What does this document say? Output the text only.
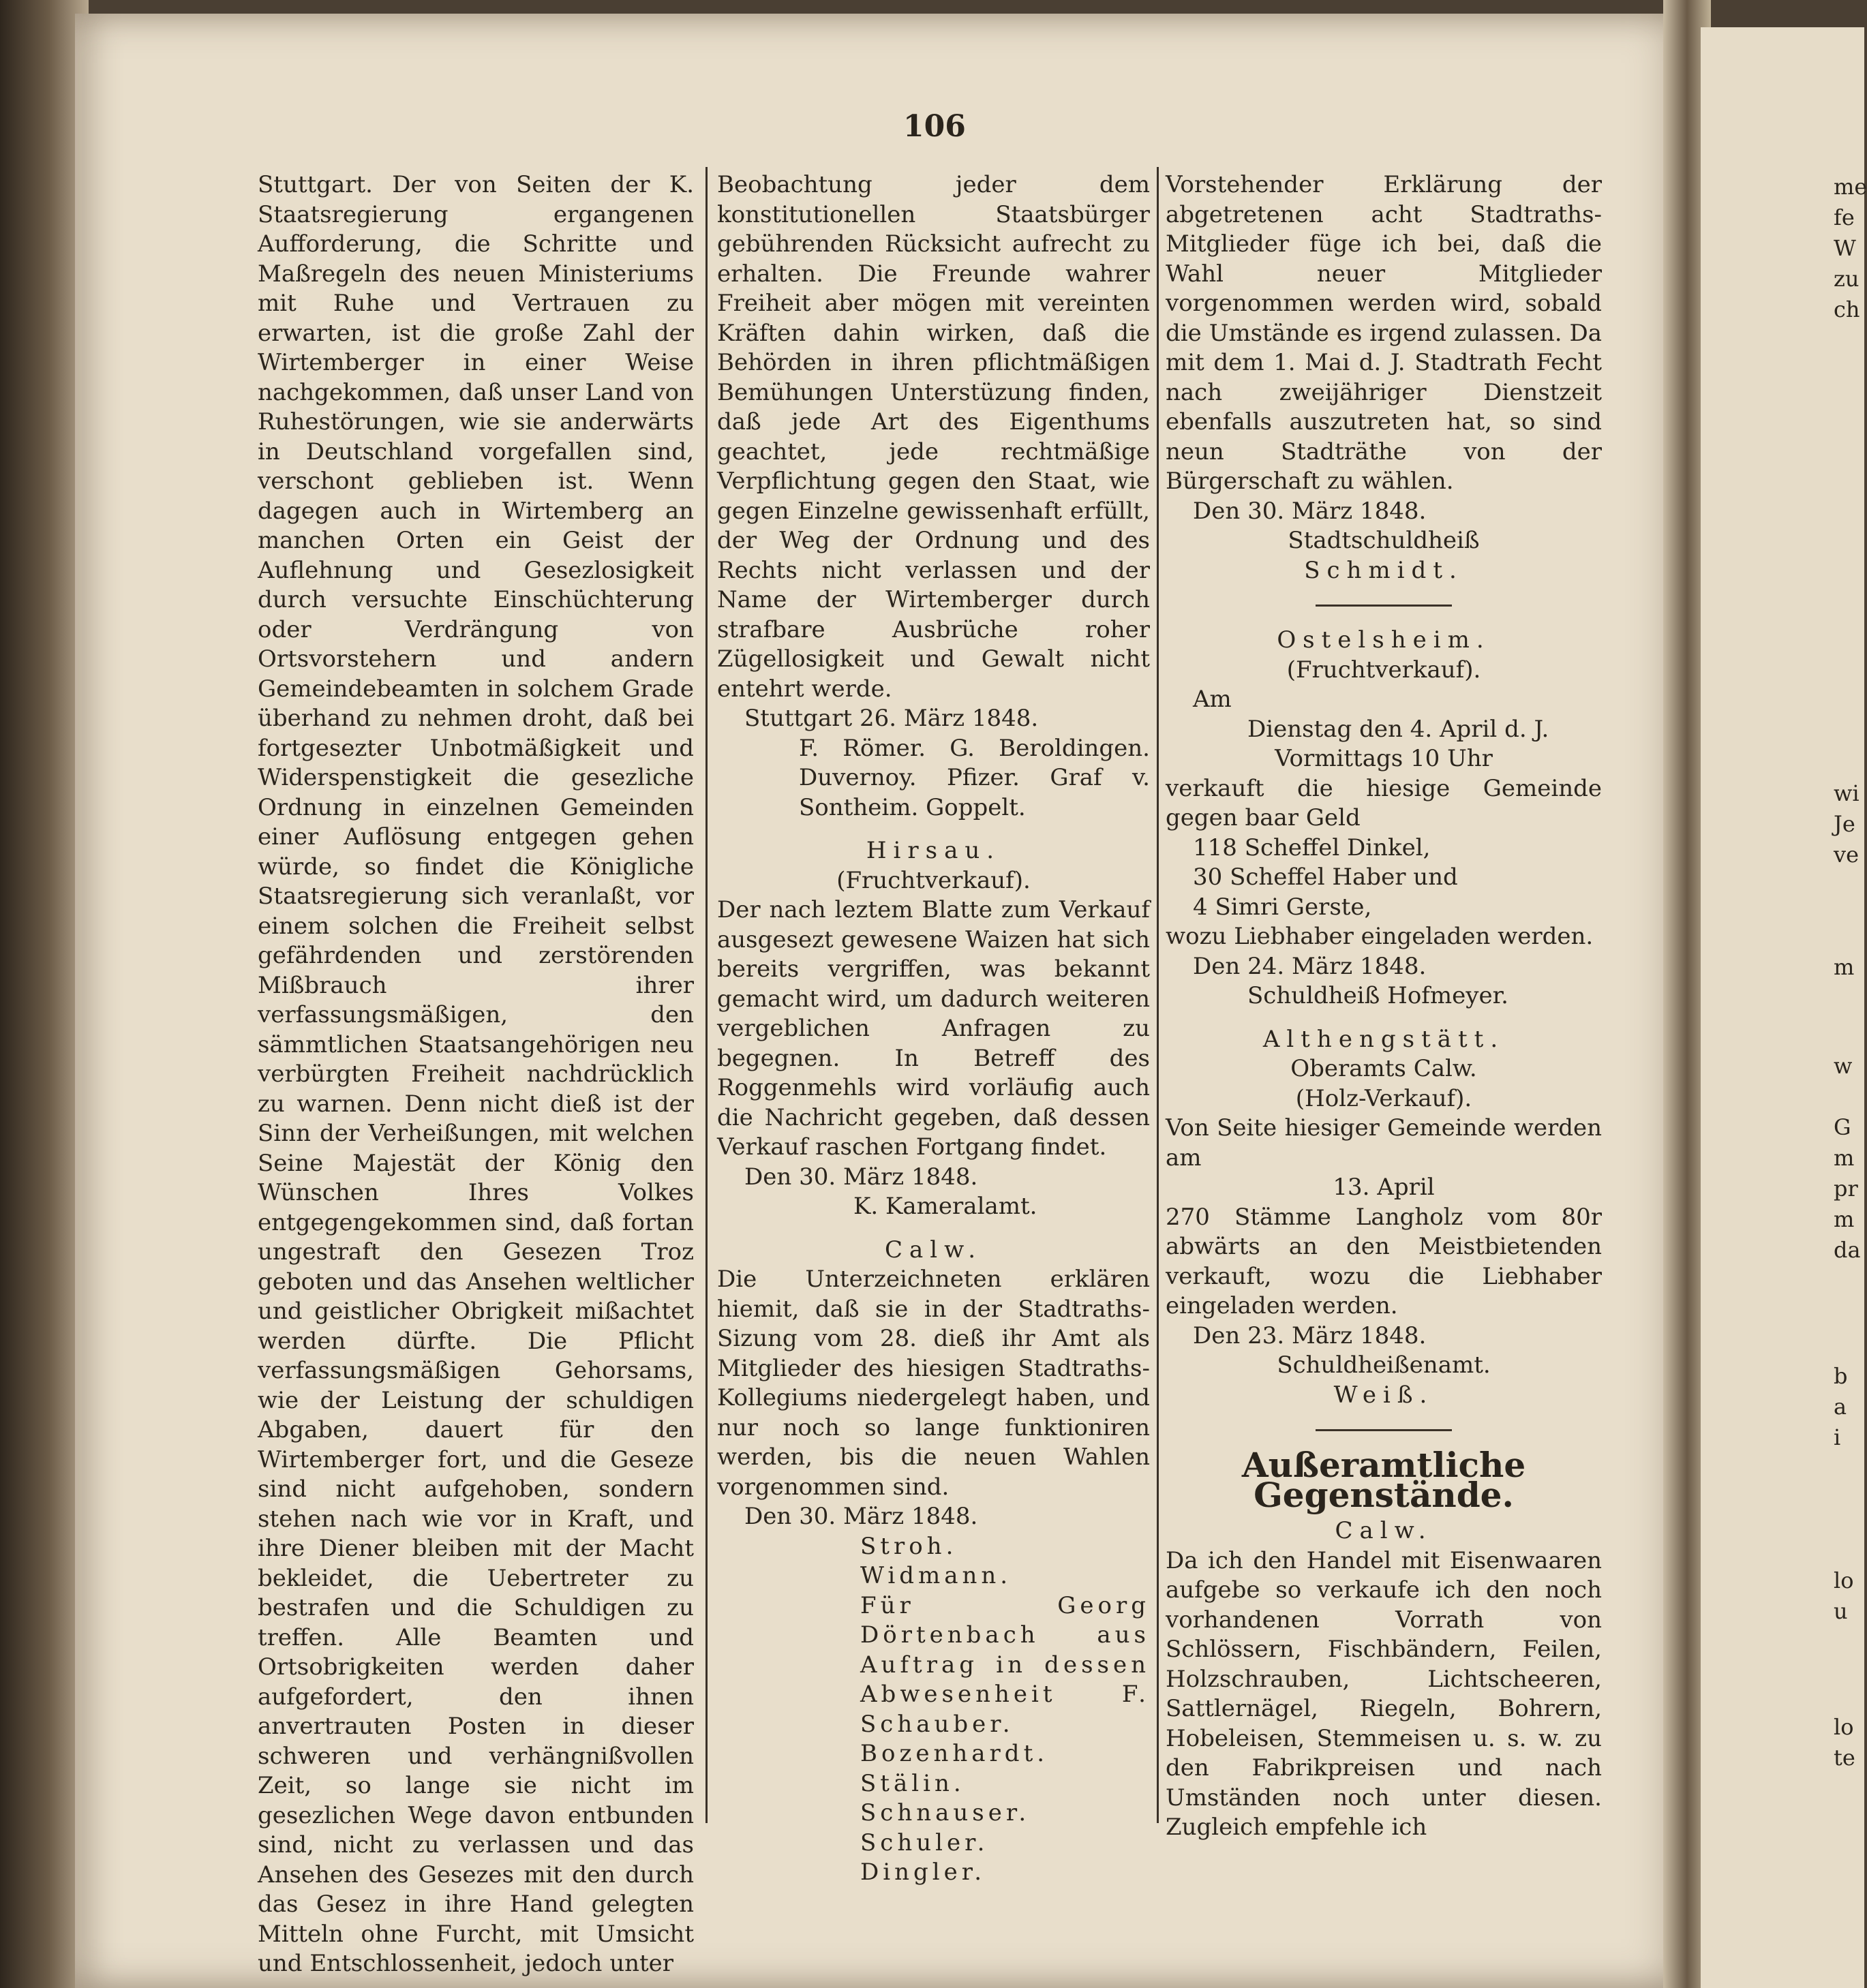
106

Stuttgart. Der von Seiten der K. Staatsregierung ergangenen Aufforderung, die Schritte und Maßregeln des neuen Ministeriums mit Ruhe und Vertrauen zu erwarten, ist die große Zahl der Wirtemberger in einer Weise nachgekommen, daß unser Land von Ruhestörungen, wie sie anderwärts in Deutschland vorgefallen sind, verschont geblieben ist. Wenn dagegen auch in Wirtemberg an manchen Orten ein Geist der Auflehnung und Gesezlosigkeit durch versuchte Einschüchterung oder Verdrängung von Ortsvorstehern und andern Gemeindebeamten in solchem Grade überhand zu nehmen droht, daß bei fortgesezter Unbotmäßigkeit und Widerspenstigkeit die gesezliche Ordnung in einzelnen Gemeinden einer Auflösung entgegen gehen würde, so findet die Königliche Staatsregierung sich veranlaßt, vor einem solchen die Freiheit selbst gefährdenden und zerstörenden Mißbrauch ihrer verfassungsmäßigen, den sämmtlichen Staatsangehörigen neu verbürgten Freiheit nachdrücklich zu warnen. Denn nicht dieß ist der Sinn der Verheißungen, mit welchen Seine Majestät der König den Wünschen Ihres Volkes entgegengekommen sind, daß fortan ungestraft den Gesezen Troz geboten und das Ansehen weltlicher und geistlicher Obrigkeit mißachtet werden dürfte. Die Pflicht verfassungsmäßigen Gehorsams, wie der Leistung der schuldigen Abgaben, dauert für den Wirtemberger fort, und die Geseze sind nicht aufgehoben, sondern stehen nach wie vor in Kraft, und ihre Diener bleiben mit der Macht bekleidet, die Uebertreter zu bestrafen und die Schuldigen zu treffen. Alle Beamten und Ortsobrigkeiten werden daher aufgefordert, den ihnen anvertrauten Posten in dieser schweren und verhängnißvollen Zeit, so lange sie nicht im gesezlichen Wege davon entbunden sind, nicht zu verlassen und das Ansehen des Gesezes mit den durch das Gesez in ihre Hand gelegten Mitteln ohne Furcht, mit Umsicht und Entschlossenheit, jedoch unter

Beobachtung jeder dem konstitutionellen Staatsbürger gebührenden Rücksicht aufrecht zu erhalten. Die Freunde wahrer Freiheit aber mögen mit vereinten Kräften dahin wirken, daß die Behörden in ihren pflichtmäßigen Bemühungen Unterstüzung finden, daß jede Art des Eigenthums geachtet, jede rechtmäßige Verpflichtung gegen den Staat, wie gegen Einzelne gewissenhaft erfüllt, der Weg der Ordnung und des Rechts nicht verlassen und der Name der Wirtemberger durch strafbare Ausbrüche roher Zügellosigkeit und Gewalt nicht entehrt werde.

Stuttgart 26. März 1848.

F. Römer. G. Beroldingen. Duvernoy. Pfizer. Graf v. Sontheim. Goppelt.

Hirsau.

(Fruchtverkauf).

Der nach leztem Blatte zum Verkauf ausgesezt gewesene Waizen hat sich bereits vergriffen, was bekannt gemacht wird, um dadurch weiteren vergeblichen Anfragen zu begegnen. In Betreff des Roggenmehls wird vorläufig auch die Nachricht gegeben, daß dessen Verkauf raschen Fortgang findet.

Den 30. März 1848.

K. Kameralamt.

Calw.

Die Unterzeichneten erklären hiemit, daß sie in der Stadtraths-Sizung vom 28. dieß ihr Amt als Mitglieder des hiesigen Stadtraths-Kollegiums niedergelegt haben, und nur noch so lange funktioniren werden, bis die neuen Wahlen vorgenommen sind.

Den 30. März 1848.

Stroh.
Widmann.
Für Georg Dörtenbach aus Auftrag in dessen Abwesenheit F. Schauber.
Bozenhardt.
Stälin.
Schnauser.
Schuler.
Dingler.

Vorstehender Erklärung der abgetretenen acht Stadtraths-Mitglieder füge ich bei, daß die Wahl neuer Mitglieder vorgenommen werden wird, sobald die Umstände es irgend zulassen. Da mit dem 1. Mai d. J. Stadtrath Fecht nach zweijähriger Dienstzeit ebenfalls auszutreten hat, so sind neun Stadträthe von der Bürgerschaft zu wählen.

Den 30. März 1848.

Stadtschuldheiß

Schmidt.

Ostelsheim.

(Fruchtverkauf).

Am

Dienstag den 4. April d. J.

Vormittags 10 Uhr

verkauft die hiesige Gemeinde gegen baar Geld

118 Scheffel Dinkel,

30 Scheffel Haber und

4 Simri Gerste,

wozu Liebhaber eingeladen werden.

Den 24. März 1848.

Schuldheiß Hofmeyer.

Althengstätt.

Oberamts Calw.

(Holz-Verkauf).

Von Seite hiesiger Gemeinde werden am

13. April

270 Stämme Langholz vom 80r abwärts an den Meistbietenden verkauft, wozu die Liebhaber eingeladen werden.

Den 23. März 1848.

Schuldheißenamt.

Weiß.

Außeramtliche Gegenstände.

Calw.

Da ich den Handel mit Eisenwaaren aufgebe so verkaufe ich den noch vorhandenen Vorrath von Schlössern, Fischbändern, Feilen, Holzschrauben, Lichtscheeren, Sattlernägel, Riegeln, Bohrern, Hobeleisen, Stemmeisen u. s. w. zu den Fabrikpreisen und nach Umständen noch unter diesen. Zugleich empfehle ich

me
fe
W
zu
ch
wi
Je
ve
m
w
G
m
pr
m
da
b
a
i
lo
u
lo
te
